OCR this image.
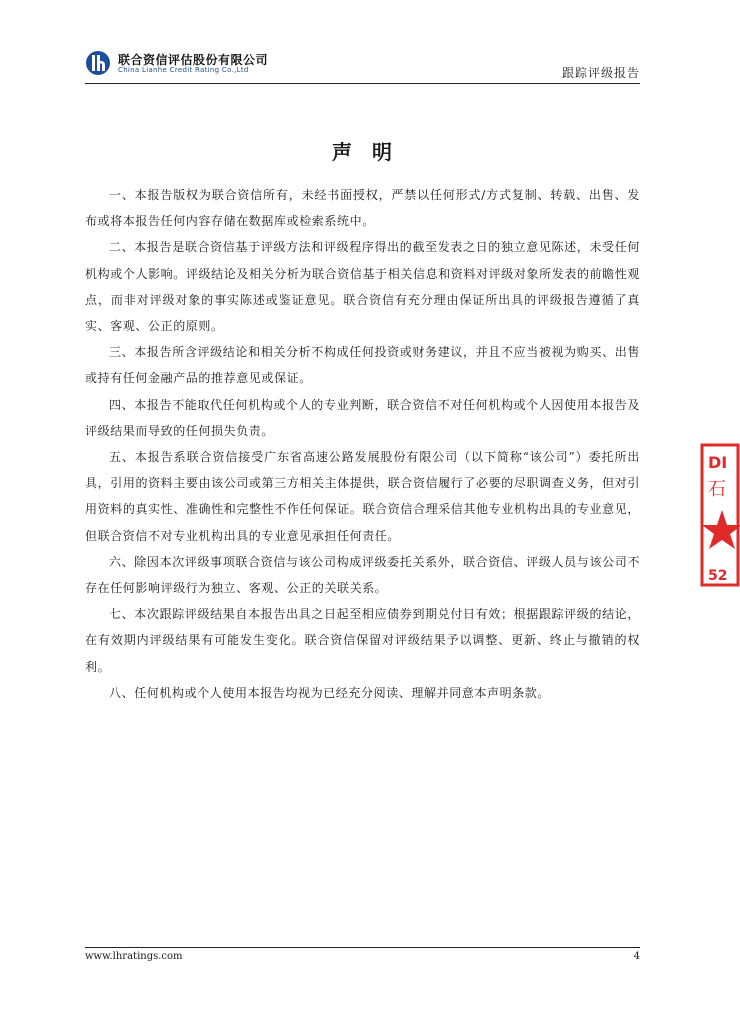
联合资信评估股份有限公司
China Lianhe Credit Rating Co.,Ltd	跟踪评级报告
声明

一、本报告版权为联合资信所有，未经书面授权，严禁以任何形式/方式复制、转载、出售、发布或将本报告任何内容存储在数据库或检索系统中。

二、本报告是联合资信基于评级方法和评级程序得出的截至发表之日的独立意见陈述，未受任何机构或个人影响。评级结论及相关分析为联合资信基于相关信息和资料对评级对象所发表的前瞻性观点，而非对评级对象的事实陈述或鉴证意见。联合资信有充分理由保证所出具的评级报告遵循了真实、客观、公正的原则。

三、本报告所含评级结论和相关分析不构成任何投资或财务建议，并且不应当被视为购买、出售或持有任何金融产品的推荐意见或保证。

四、本报告不能取代任何机构或个人的专业判断，联合资信不对任何机构或个人因使用本报告及评级结果而导致的任何损失负责。

五、本报告系联合资信接受广东省高速公路发展股份有限公司（以下简称“该公司”）委托所出具，引用的资料主要由该公司或第三方相关主体提供，联合资信履行了必要的尽职调查义务，但对引用资料的真实性、准确性和完整性不作任何保证。联合资信合理采信其他专业机构出具的专业意见，但联合资信不对专业机构出具的专业意见承担任何责任。

六、除因本次评级事项联合资信与该公司构成评级委托关系外，联合资信、评级人员与该公司不存在任何影响评级行为独立、客观、公正的关联关系。

七、本次跟踪评级结果自本报告出具之日起至相应债券到期兑付日有效；根据跟踪评级的结论，在有效期内评级结果有可能发生变化。联合资信保留对评级结果予以调整、更新、终止与撤销的权利。

八、任何机构或个人使用本报告均视为已经充分阅读、理解并同意本声明条款。

DI
石
52
www.lhratings.com	4
